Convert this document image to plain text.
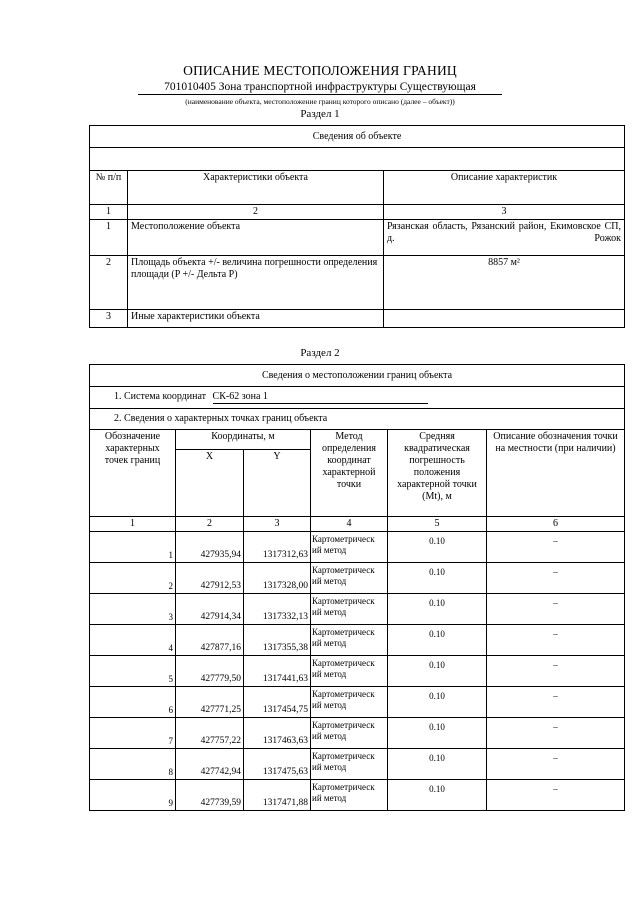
ОПИСАНИЕ МЕСТОПОЛОЖЕНИЯ ГРАНИЦ
701010405 Зона транспортной инфраструктуры Существующая
(наименование объекта, местоположение границ которого описано (далее – объект))
Раздел 1
Сведения об объекте		

№ п/п	Характеристики объекта	Описание характеристик
1	2	3
1	Местоположение объекта	Рязанская область, Рязанский район, Екимовское СП, д. Рожок
2	Площадь объекта +/- величина погрешности определения площади (P +/- Дельта P)	8857 м²
3	Иные характеристики объекта	
Раздел 2
Сведения о местоположении границ объекта					
1. Система координат СК-62 зона 1					
2. Сведения о характерных точках границ объекта					
Обозначение характерных точек границ	Координаты, м		Метод определения координат характерной точки	Средняя квадратическая погрешность положения характерной точки (Mt), м	Описание обозначения точки на местности (при наличии)
	X	Y			
1	2	3	4	5	6
1	427935,94	1317312,63	Картометрическ ий метод	0.10	–
2	427912,53	1317328,00	Картометрическ ий метод	0.10	–
3	427914,34	1317332,13	Картометрическ ий метод	0.10	–
4	427877,16	1317355,38	Картометрическ ий метод	0.10	–
5	427779,50	1317441,63	Картометрическ ий метод	0.10	–
6	427771,25	1317454,75	Картометрическ ий метод	0.10	–
7	427757,22	1317463,63	Картометрическ ий метод	0.10	–
8	427742,94	1317475,63	Картометрическ ий метод	0.10	–
9	427739,59	1317471,88	Картометрическ ий метод	0.10	–
